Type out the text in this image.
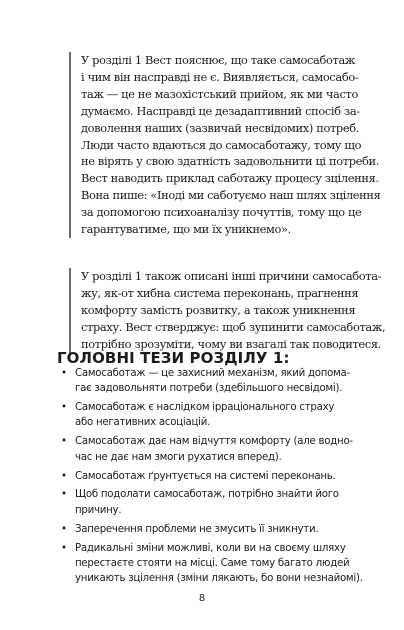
У розділі 1 Вест пояснює, що таке самосаботаж

і чим він насправді не є. Виявляється, самосабо-

таж — це не мазохістський прийом, як ми часто

думаємо. Насправді це дезадаптивний спосіб за-

доволення наших (зазвичай несвідомих) потреб.

Люди часто вдаються до самосаботажу, тому що

не вірять у свою здатність задовольнити ці потреби.

Вест наводить приклад саботажу процесу зцілення.

Вона пише: «Іноді ми саботуємо наш шлях зцілення

за допомогою психоаналізу почуттів, тому що це

гарантуватиме, що ми їх уникнемо».

У розділі 1 також описані інші причини самосабота-

жу, як-от хибна система переконань, прагнення

комфорту замість розвитку, а також уникнення

страху. Вест стверджує: щоб зупинити самосаботаж,

потрібно зрозуміти, чому ви взагалі так поводитеся.

ГОЛОВНІ ТЕЗИ РОЗДІЛУ 1:
• Самосаботаж — це захисний механізм, який допома-
гає задовольняти потреби (здебільшого несвідомі).
• Самосаботаж є наслідком ірраціонального страху
або негативних асоціацій.
• Самосаботаж дає нам відчуття комфорту (але водно-
час не дає нам змоги рухатися вперед).
• Самосаботаж ґрунтується на системі переконань.
• Щоб подолати самосаботаж, потрібно знайти його
причину.
• Заперечення проблеми не змусить її зникнути.
• Радикальні зміни можливі, коли ви на своєму шляху
перестаєте стояти на місці. Саме тому багато людей
уникають зцілення (зміни лякають, бо вони незнайомі).
8
